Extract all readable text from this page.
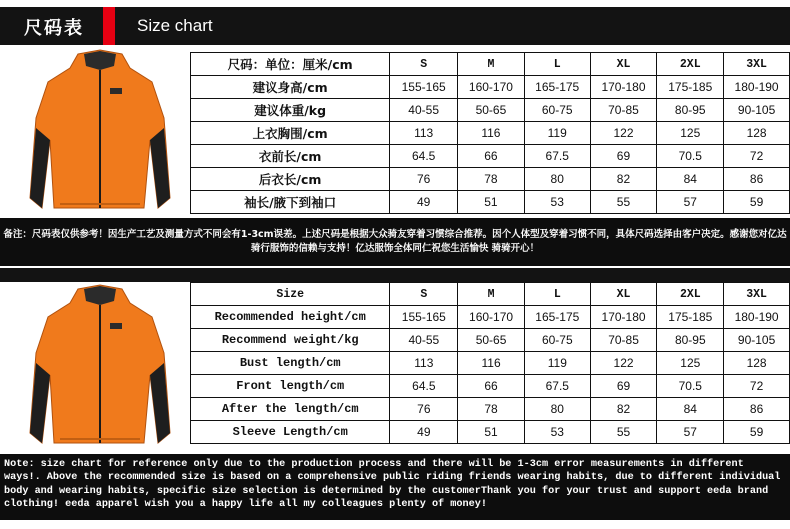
尺码表	Size chart
尺码：单位：厘米/cm	S	M	L	XL	2XL	3XL
建议身高/cm	155-165	160-170	165-175	170-180	175-185	180-190
建议体重/kg	40-55	50-65	60-75	70-85	80-95	90-105
上衣胸围/cm	113	116	119	122	125	128
衣前长/cm	64.5	66	67.5	69	70.5	72
后衣长/cm	76	78	80	82	84	86
袖长/腋下到袖口	49	51	53	55	57	59

备注：尺码表仅供参考！因生产工艺及测量方式不同会有1-3cm误差。上述尺码是根据大众骑友穿着习惯综合推荐。因个人体型及穿着习惯不同，具体尺码选择由客户决定。感谢您对亿达骑行服饰的信赖与支持！亿达服饰全体同仁祝您生活愉快 骑骑开心！

Size	S	M	L	XL	2XL	3XL
Recommended height/cm	155-165	160-170	165-175	170-180	175-185	180-190
Recommend weight/kg	40-55	50-65	60-75	70-85	80-95	90-105
Bust length/cm	113	116	119	122	125	128
Front length/cm	64.5	66	67.5	69	70.5	72
After the length/cm	76	78	80	82	84	86
Sleeve Length/cm	49	51	53	55	57	59

Note: size chart for reference only due to the production process and there will be 1-3cm error measurements in different ways!. Above the recommended size is based on a comprehensive public riding friends wearing habits, due to different individual body and wearing habits, specific size selection is determined by the customerThank you for your trust and support eeda brand clothing! eeda apparel wish you a happy life all my colleagues plenty of money!
